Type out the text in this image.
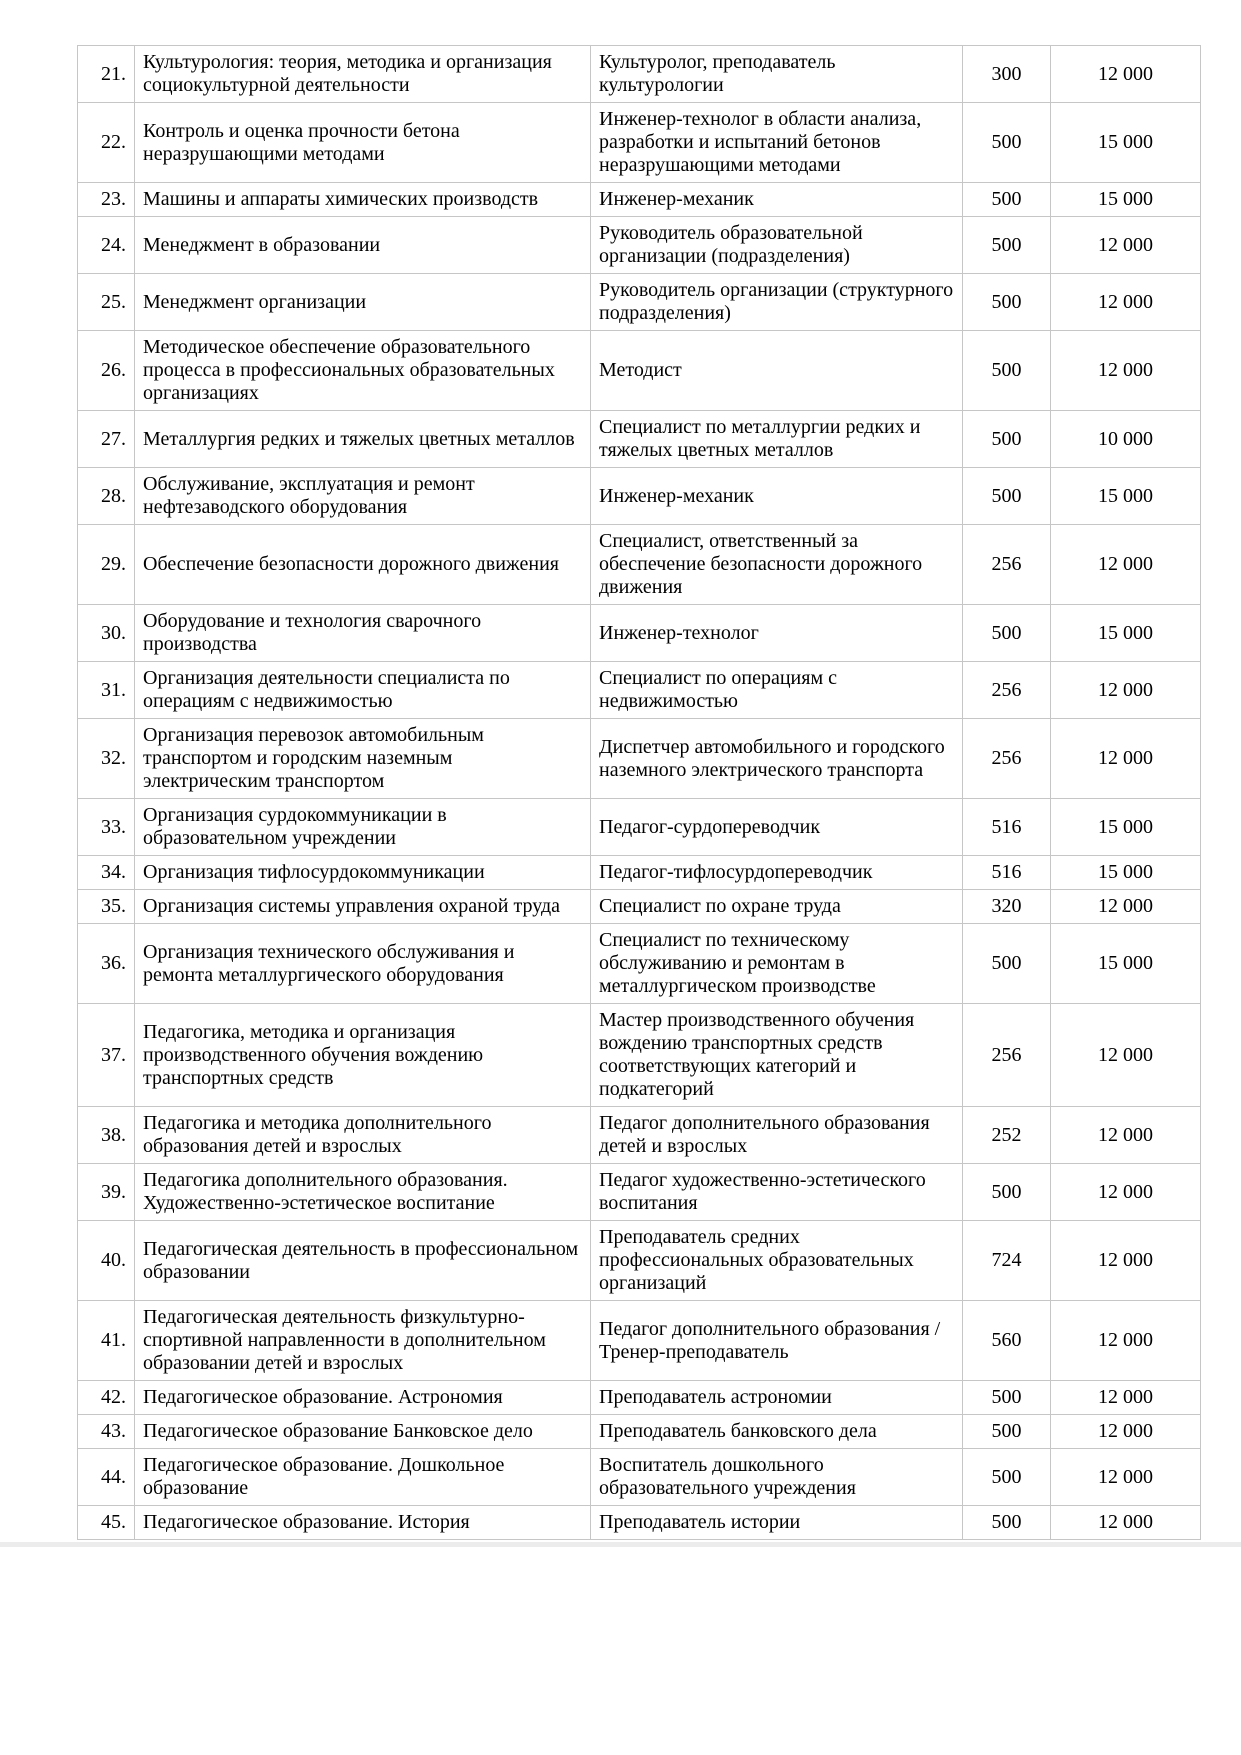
21.	Культурология: теория, методика и организация социокультурной деятельности	Культуролог, преподаватель культурологии	300	12 000
22.	Контроль и оценка прочности бетона неразрушающими методами	Инженер-технолог в области анализа, разработки и испытаний бетонов неразрушающими методами	500	15 000
23.	Машины и аппараты химических производств	Инженер-механик	500	15 000
24.	Менеджмент в образовании	Руководитель образовательной организации (подразделения)	500	12 000
25.	Менеджмент организации	Руководитель организации (структурного подразделения)	500	12 000
26.	Методическое обеспечение образовательного процесса в профессиональных образовательных организациях	Методист	500	12 000
27.	Металлургия редких и тяжелых цветных металлов	Специалист по металлургии редких и тяжелых цветных металлов	500	10 000
28.	Обслуживание, эксплуатация и ремонт нефтезаводского оборудования	Инженер-механик	500	15 000
29.	Обеспечение безопасности дорожного движения	Специалист, ответственный за обеспечение безопасности дорожного движения	256	12 000
30.	Оборудование и технология сварочного производства	Инженер-технолог	500	15 000
31.	Организация деятельности специалиста по операциям с недвижимостью	Специалист по операциям с недвижимостью	256	12 000
32.	Организация перевозок автомобильным транспортом и городским наземным электрическим транспортом	Диспетчер автомобильного и городского наземного электрического транспорта	256	12 000
33.	Организация сурдокоммуникации в образовательном учреждении	Педагог-сурдопереводчик	516	15 000
34.	Организация тифлосурдокоммуникации	Педагог-тифлосурдопереводчик	516	15 000
35.	Организация системы управления охраной труда	Специалист по охране труда	320	12 000
36.	Организация технического обслуживания и ремонта металлургического оборудования	Специалист по техническому обслуживанию и ремонтам в металлургическом производстве	500	15 000
37.	Педагогика, методика и организация производственного обучения вождению транспортных средств	Мастер производственного обучения вождению транспортных средств соответствующих категорий и подкатегорий	256	12 000
38.	Педагогика и методика дополнительного образования детей и взрослых	Педагог дополнительного образования детей и взрослых	252	12 000
39.	Педагогика дополнительного образования. Художественно-эстетическое воспитание	Педагог художественно-эстетического воспитания	500	12 000
40.	Педагогическая деятельность в профессиональном образовании	Преподаватель средних профессиональных образовательных организаций	724	12 000
41.	Педагогическая деятельность физкультурно-спортивной направленности в дополнительном образовании детей и взрослых	Педагог дополнительного образования / Тренер-преподаватель	560	12 000
42.	Педагогическое образование. Астрономия	Преподаватель астрономии	500	12 000
43.	Педагогическое образование Банковское дело	Преподаватель банковского дела	500	12 000
44.	Педагогическое образование. Дошкольное образование	Воспитатель дошкольного образовательного учреждения	500	12 000
45.	Педагогическое образование. История	Преподаватель истории	500	12 000
